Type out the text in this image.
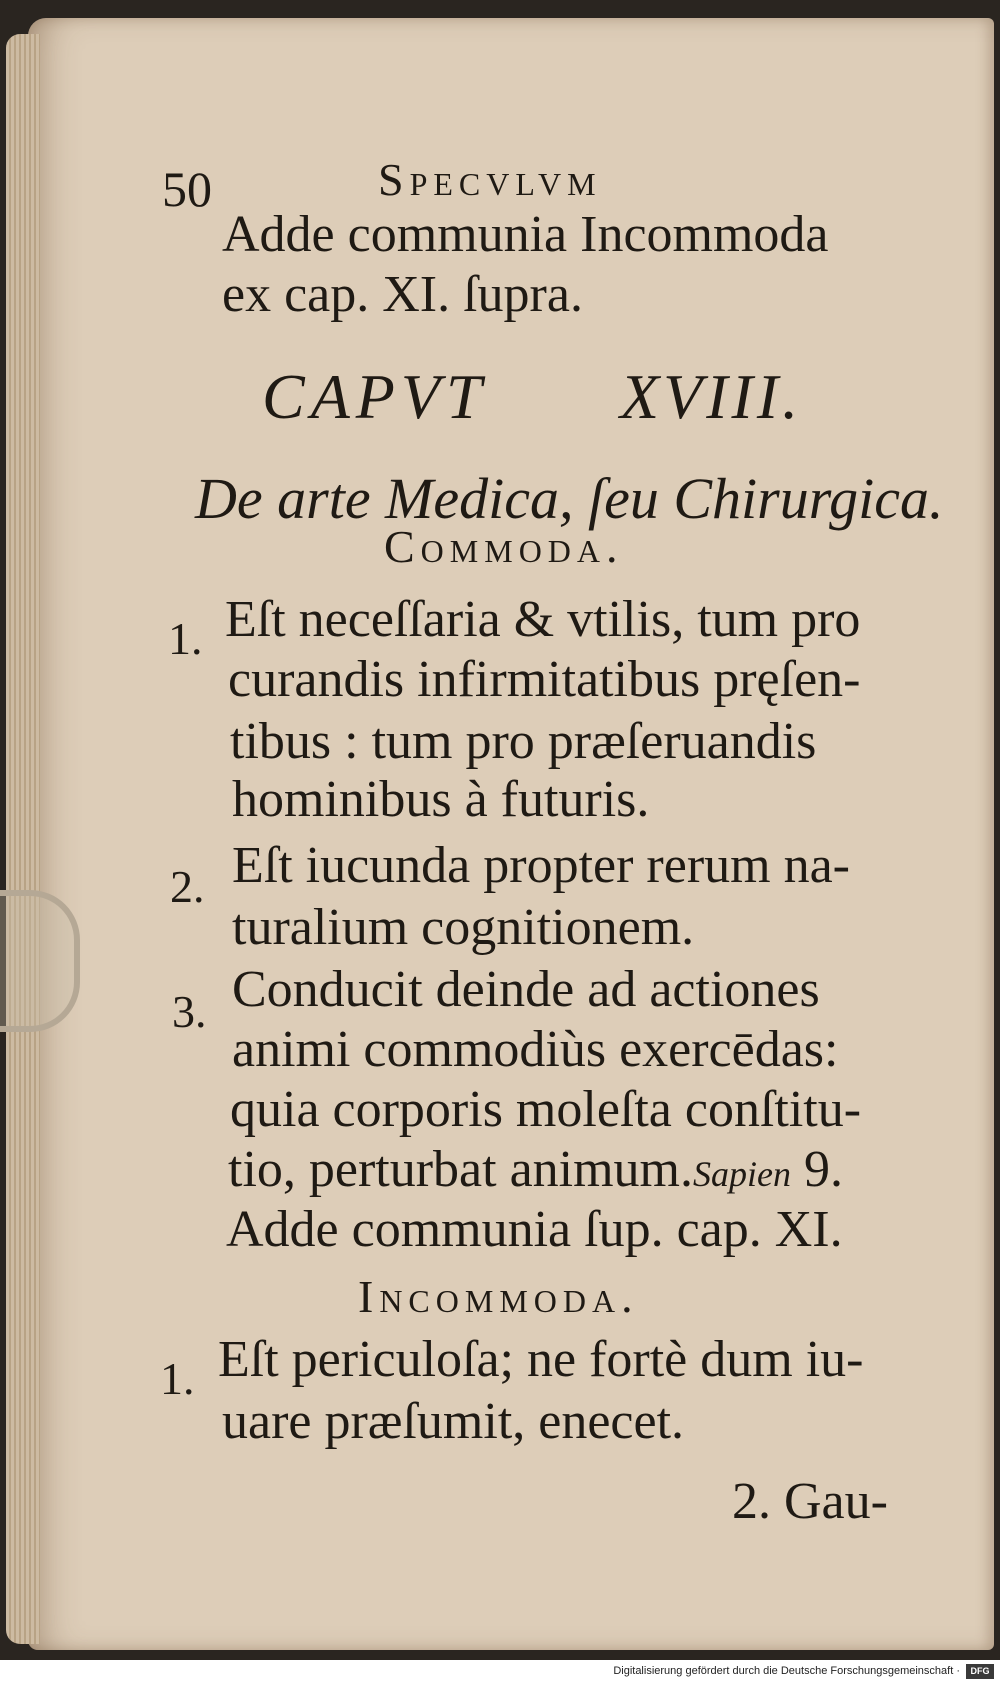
50	Specvlvm
Adde communia Incommoda
ex cap. XI. ſupra.
CAPVT XVIII.
De arte Medica, ſeu Chirurgica.
Commoda.
1. Eſt neceſſaria & vtilis, tum pro
curandis infirmitatibus pręſen-
tibus : tum pro præſeruandis
hominibus à futuris.
2. Eſt iucunda propter rerum na-
turalium cognitionem.
3. Conducit deinde ad actiones
animi commodiùs exercēdas:
quia corporis moleſta conſtitu-
tio, perturbat animum.Sapien 9.
Adde communia ſup. cap. XI.
Incommoda.
1. Eſt periculoſa; ne fortè dum iu-
uare præſumit, enecet.
2. Gau-
Digitalisierung gefördert durch die Deutsche Forschungsgemeinschaft ·	DFG
